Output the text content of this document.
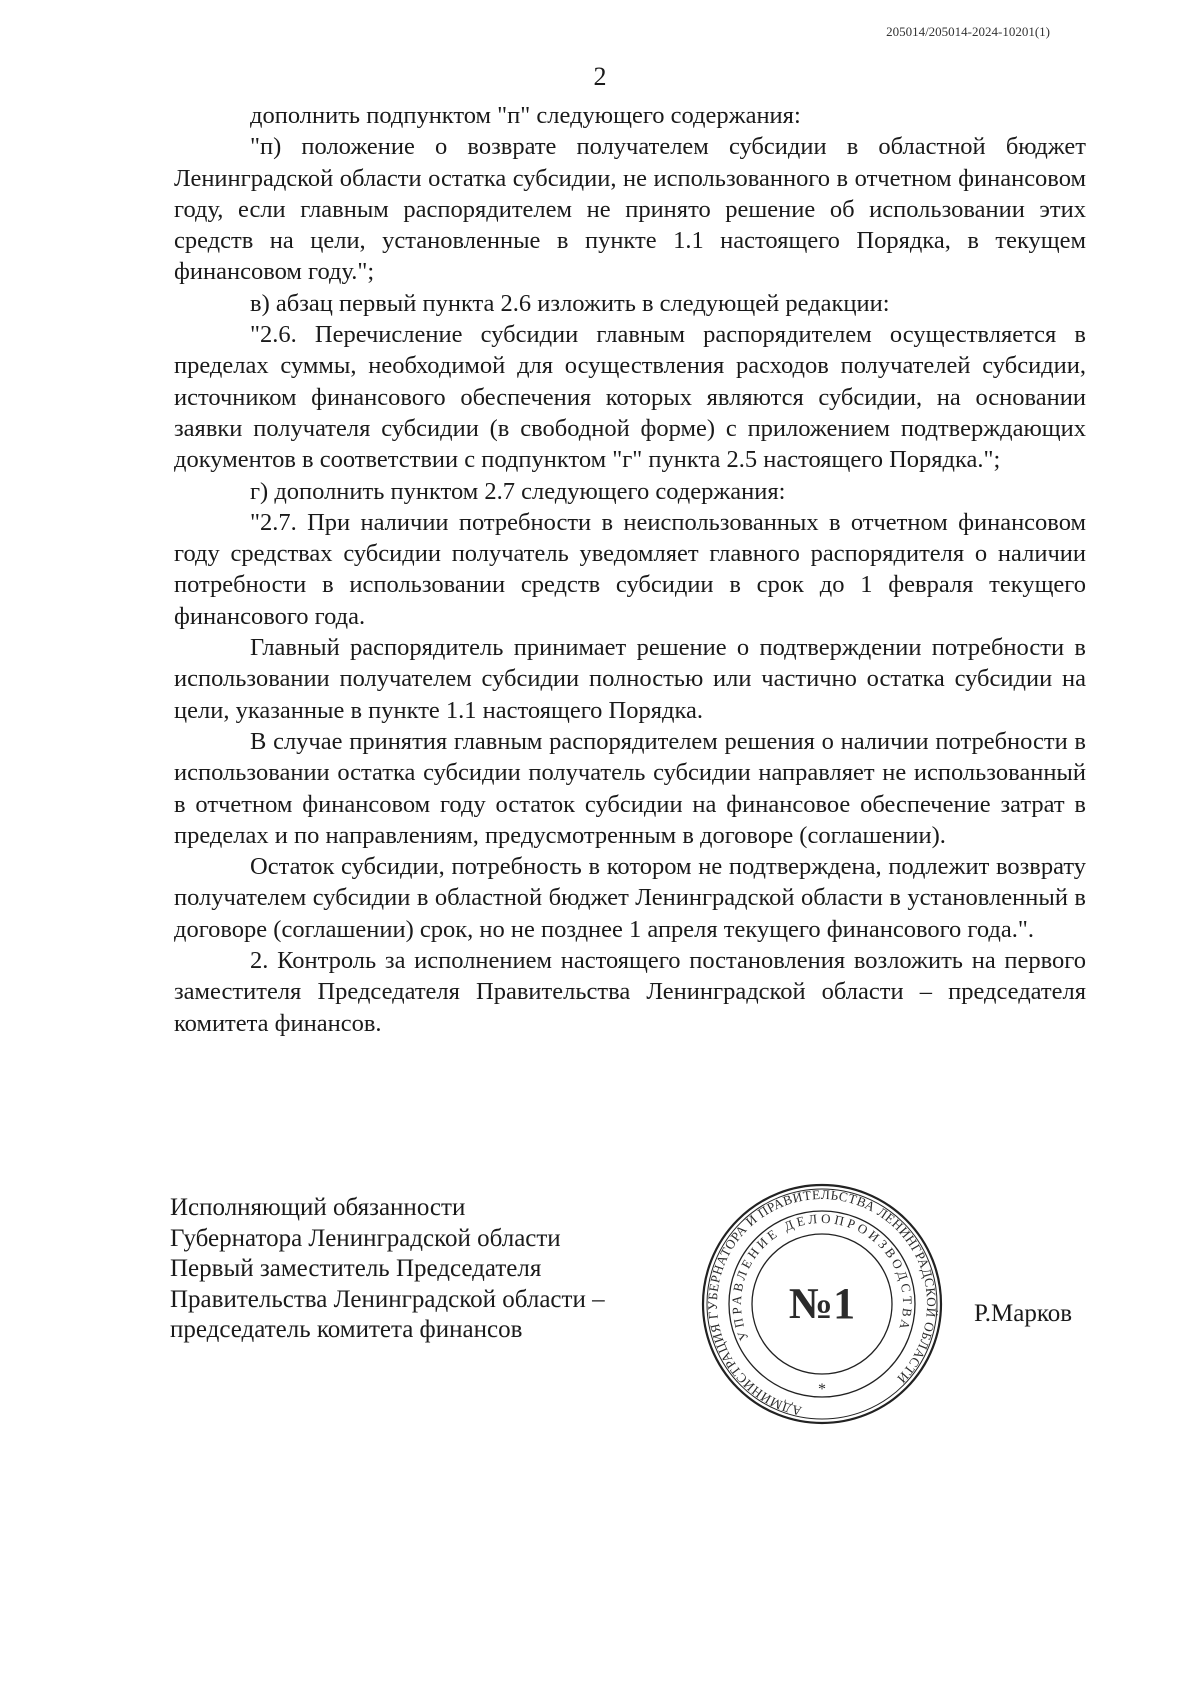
205014/205014-2024-10201(1)
2

дополнить подпунктом "п" следующего содержания:

"п) положение о возврате получателем субсидии в областной бюджет Ленинградской области остатка субсидии, не использованного в отчетном финансовом году, если главным распорядителем не принято решение об использовании этих средств на цели, установленные в пункте 1.1 настоящего Порядка, в текущем финансовом году.";

в) абзац первый пункта 2.6 изложить в следующей редакции:

"2.6. Перечисление субсидии главным распорядителем осуществляется в пределах суммы, необходимой для осуществления расходов получателей субсидии, источником финансового обеспечения которых являются субсидии, на основании заявки получателя субсидии (в свободной форме) с приложением подтверждающих документов в соответствии с подпунктом "г" пункта 2.5 настоящего Порядка.";

г) дополнить пунктом 2.7 следующего содержания:

"2.7. При наличии потребности в неиспользованных в отчетном финансовом году средствах субсидии получатель уведомляет главного распорядителя о наличии потребности в использовании средств субсидии в срок до 1 февраля текущего финансового года.

Главный распорядитель принимает решение о подтверждении потребности в использовании получателем субсидии полностью или частично остатка субсидии на цели, указанные в пункте 1.1 настоящего Порядка.

В случае принятия главным распорядителем решения о наличии потребности в использовании остатка субсидии получатель субсидии направляет не использованный в отчетном финансовом году остаток субсидии на финансовое обеспечение затрат в пределах и по направлениям, предусмотренным в договоре (соглашении).

Остаток субсидии, потребность в котором не подтверждена, подлежит возврату получателем субсидии в областной бюджет Ленинградской области в установленный в договоре (соглашении) срок, но не позднее 1 апреля текущего финансового года.".

2. Контроль за исполнением настоящего постановления возложить на первого заместителя Председателя Правительства Ленинградской области – председателя комитета финансов.

Исполняющий обязанности
Губернатора Ленинградской области
Первый заместитель Председателя
Правительства Ленинградской области –
председатель комитета финансов
Р.Марков
АДМИНИСТРАЦИЯ ГУБЕРНАТОРА И ПРАВИТЕЛЬСТВА ЛЕНИНГРАДСКОЙ ОБЛАСТИ
УПРАВЛЕНИЕ ДЕЛОПРОИЗВОДСТВА
*
№1
